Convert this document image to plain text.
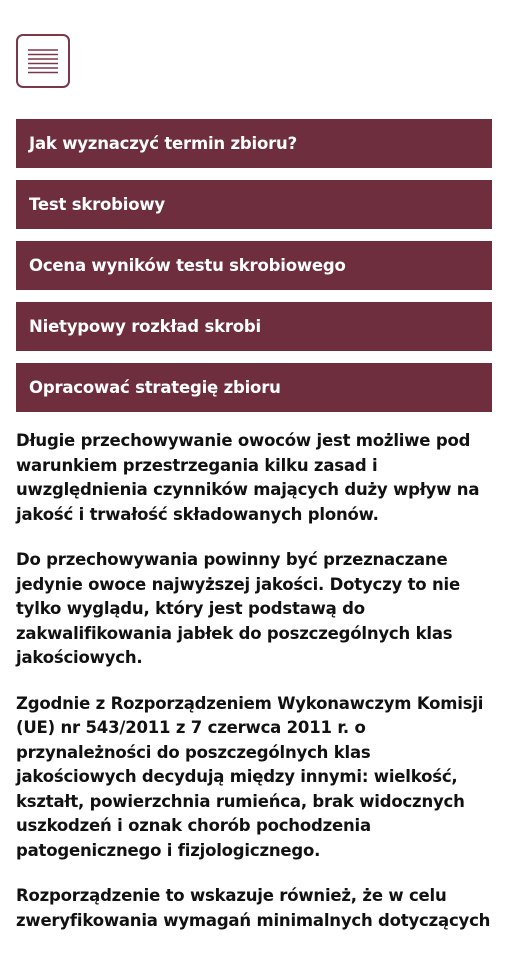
Jak wyznaczyć termin zbioru?
Test skrobiowy
Ocena wyników testu skrobiowego
Nietypowy rozkład skrobi
Opracować strategię zbioru

Długie przechowywanie owoców jest możliwe pod warunkiem przestrzegania kilku zasad i uwzględnienia czynników mających duży wpływ na jakość i trwałość składowanych plonów.

Do przechowywania powinny być przeznaczane jedynie owoce najwyższej jakości. Dotyczy to nie tylko wyglądu, który jest podstawą do zakwalifikowania jabłek do poszczególnych klas jakościowych.

Zgodnie z Rozporządzeniem Wykonawczym Komisji (UE) nr 543/2011 z 7 czerwca 2011 r. o przynależności do poszczególnych klas jakościowych decydują między innymi: wielkość, kształt, powierzchnia rumieńca, brak widocznych uszkodzeń i oznak chorób pochodzenia patogenicznego i fizjologicznego.

Rozporządzenie to wskazuje również, że w celu zweryfikowania wymagań minimalnych dotyczących
